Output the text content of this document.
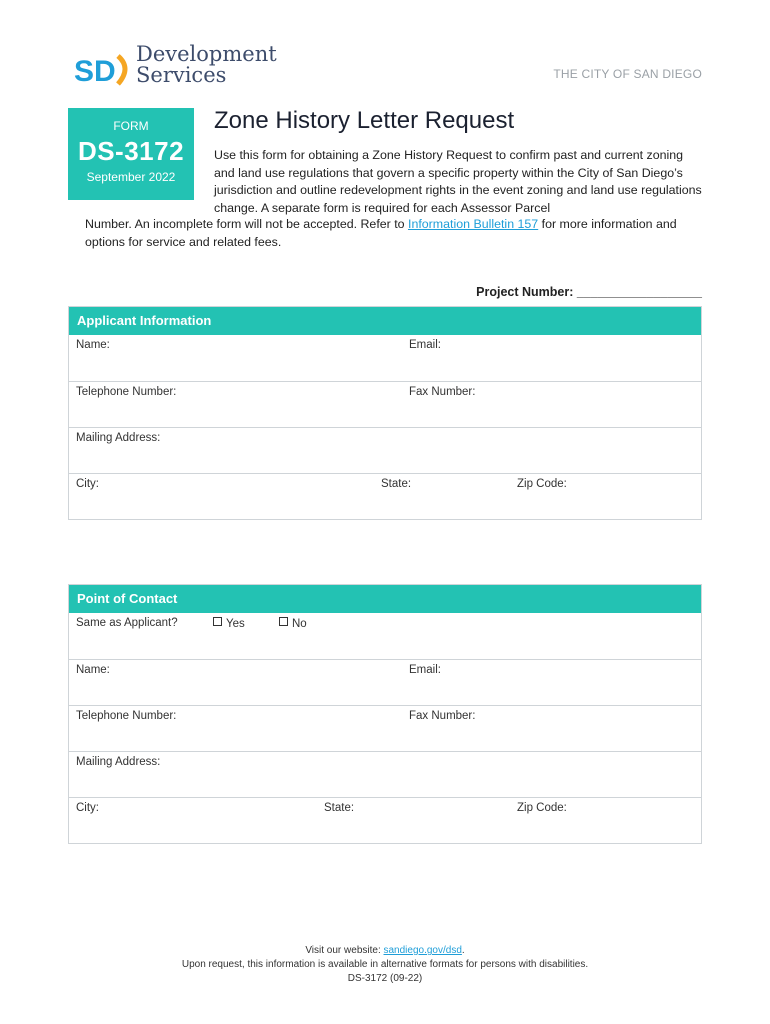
SD
Development
Services	THE CITY OF SAN DIEGO
FORM
DS-3172
September 2022
Zone History Letter Request
Use this form for obtaining a Zone History Request to confirm past and current zoning and land use regulations that govern a specific property within the City of San Diego’s jurisdiction and outline redevelopment rights in the event zoning and land use regulations change. A separate form is required for each Assessor Parcel
Number. An incomplete form will not be accepted. Refer to Information Bulletin 157 for more information and options for service and related fees.
Project Number: __________________
Applicant Information
Name:	Email:
Telephone Number:	Fax Number:
Mailing Address:
City:	State:	Zip Code:
Point of Contact
Same as Applicant?	Yes	No
Name:	Email:
Telephone Number:	Fax Number:
Mailing Address:
City:	State:	Zip Code:
Visit our website: sandiego.gov/dsd.
Upon request, this information is available in alternative formats for persons with disabilities.
DS-3172 (09-22)
